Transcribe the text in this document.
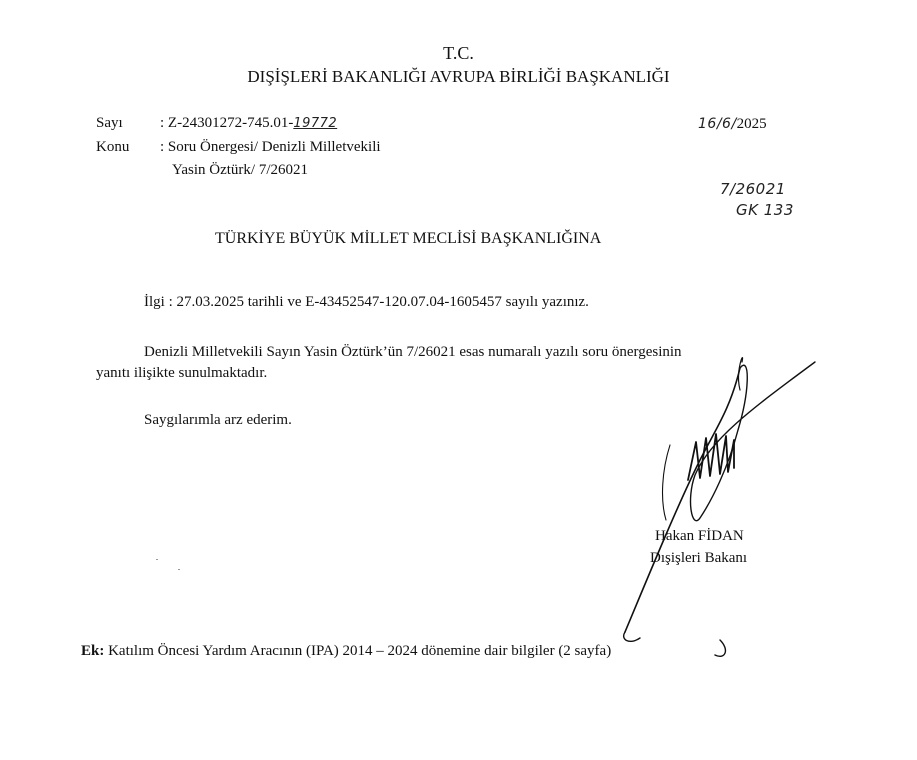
T.C.
DIŞİŞLERİ BAKANLIĞI AVRUPA BİRLİĞİ BAŞKANLIĞI
Sayı : Z-24301272-745.01-19772	16/6/2025
Konu : Soru Önergesi/ Denizli Milletvekili
Yasin Öztürk/ 7/26021
7/26021
GK 133
TÜRKİYE BÜYÜK MİLLET MECLİSİ BAŞKANLIĞINA
İlgi : 27.03.2025 tarihli ve E-43452547-120.07.04-1605457 sayılı yazınız.
Denizli Milletvekili Sayın Yasin Öztürk’ün 7/26021 esas numaralı yazılı soru önergesinin
yanıtı ilişikte sunulmaktadır.
Saygılarımla arz ederim.
Hakan FİDAN
Dışişleri Bakanı
Ek: Katılım Öncesi Yardım Aracının (IPA) 2014 – 2024 dönemine dair bilgiler (2 sayfa)
